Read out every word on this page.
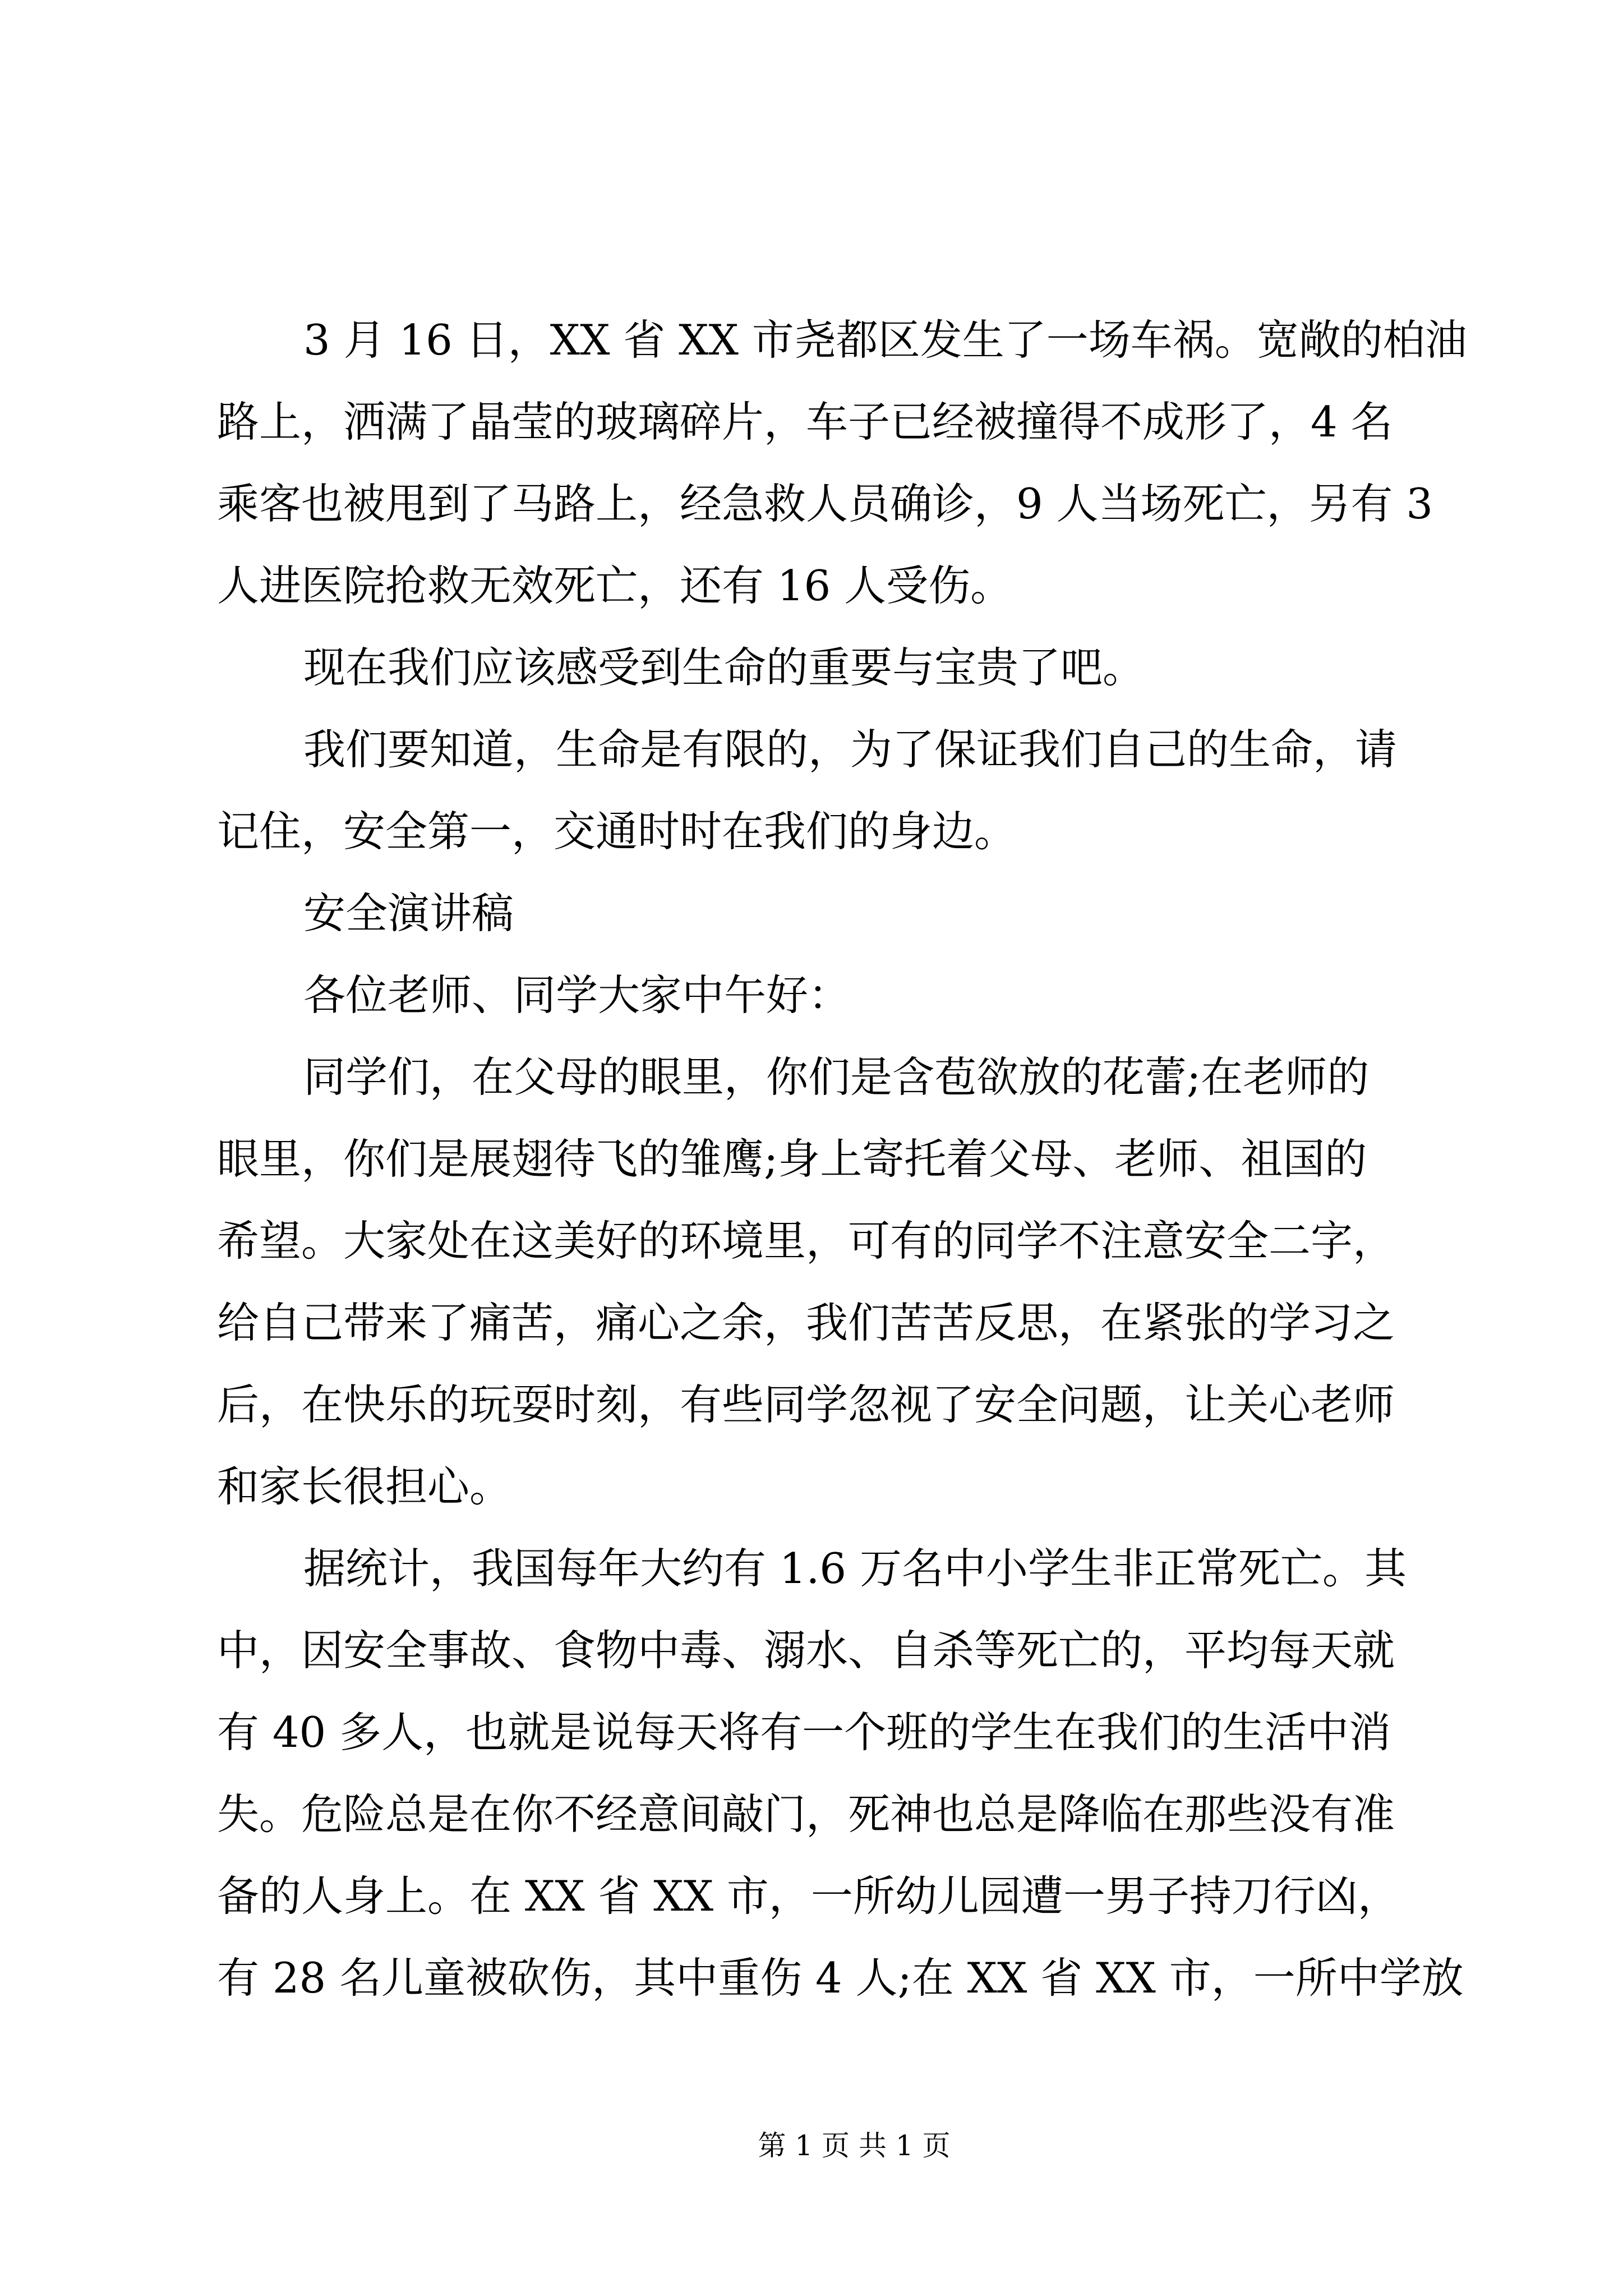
3 月 16 日，XX 省 XX 市尧都区发生了一场车祸。宽敞的柏油
路上，洒满了晶莹的玻璃碎片，车子已经被撞得不成形了，4 名
乘客也被甩到了马路上，经急救人员确诊，9 人当场死亡，另有 3
人进医院抢救无效死亡，还有 16 人受伤。
现在我们应该感受到生命的重要与宝贵了吧。
我们要知道，生命是有限的，为了保证我们自己的生命，请
记住，安全第一，交通时时在我们的身边。
安全演讲稿
各位老师、同学大家中午好：
同学们，在父母的眼里，你们是含苞欲放的花蕾;在老师的
眼里，你们是展翅待飞的雏鹰;身上寄托着父母、老师、祖国的
希望。大家处在这美好的环境里，可有的同学不注意安全二字，
给自己带来了痛苦，痛心之余，我们苦苦反思，在紧张的学习之
后，在快乐的玩耍时刻，有些同学忽视了安全问题，让关心老师
和家长很担心。
据统计，我国每年大约有 1.6 万名中小学生非正常死亡。其
中，因安全事故、食物中毒、溺水、自杀等死亡的，平均每天就
有 40 多人，也就是说每天将有一个班的学生在我们的生活中消
失。危险总是在你不经意间敲门，死神也总是降临在那些没有准
备的人身上。在 XX 省 XX 市，一所幼儿园遭一男子持刀行凶，
有 28 名儿童被砍伤，其中重伤 4 人;在 XX 省 XX 市，一所中学放
第 1 页 共 1 页
